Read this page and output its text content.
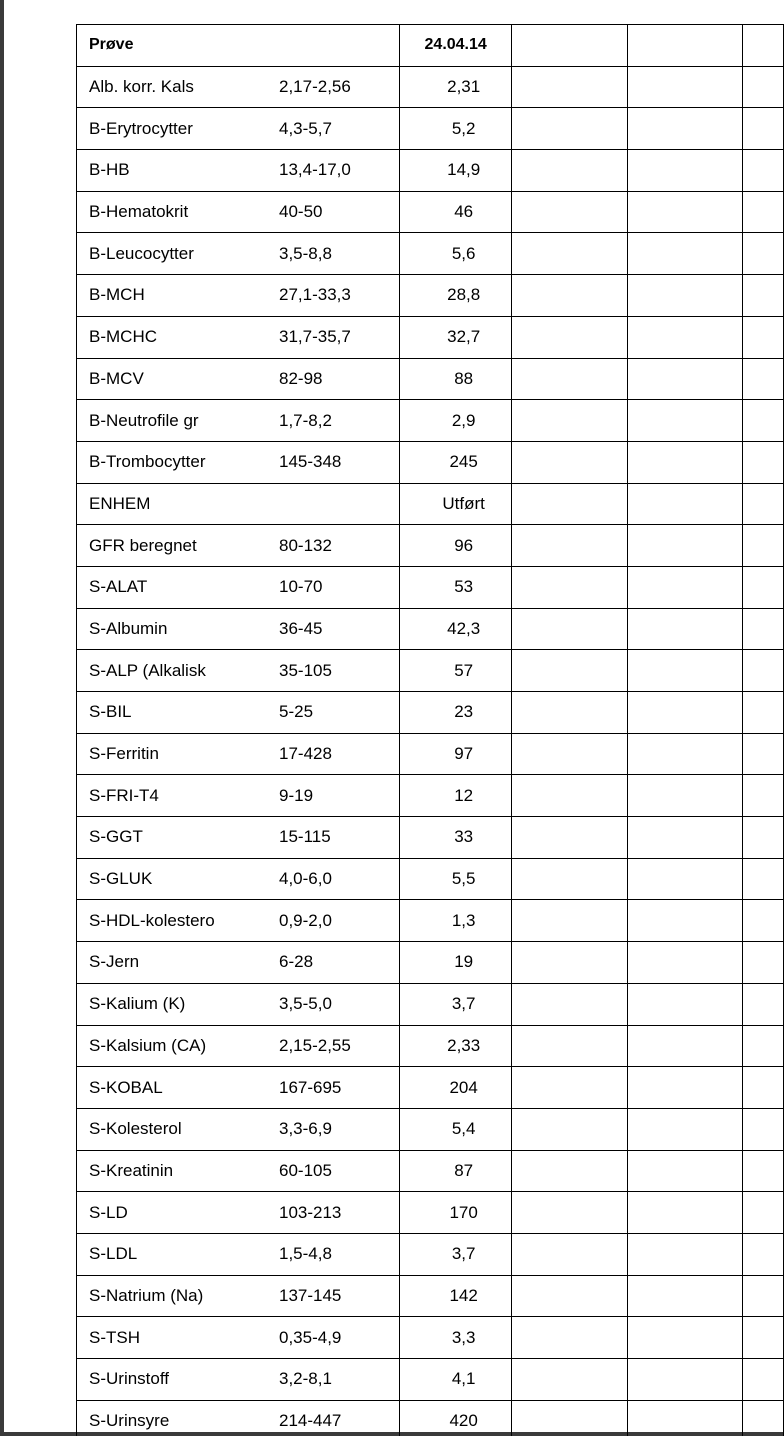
Prøve	24.04.14			

Alb. korr. Kals 2,17-2,56	2,31			

B-Erytrocytter 4,3-5,7	5,2			

B-HB 13,4-17,0	14,9			

B-Hematokrit 40-50	46			

B-Leucocytter 3,5-8,8	5,6			

B-MCH 27,1-33,3	28,8			

B-MCHC 31,7-35,7	32,7			

B-MCV 82-98	88			

B-Neutrofile gr 1,7-8,2	2,9			

B-Trombocytter 145-348	245			

ENHEM	Utført			

GFR beregnet 80-132	96			

S-ALAT 10-70	53			

S-Albumin 36-45	42,3			

S-ALP (Alkalisk 35-105	57			

S-BIL 5-25	23			

S-Ferritin 17-428	97			

S-FRI-T4 9-19	12			

S-GGT 15-115	33			

S-GLUK 4,0-6,0	5,5			

S-HDL-kolestero 0,9-2,0	1,3			

S-Jern 6-28	19			

S-Kalium (K) 3,5-5,0	3,7			

S-Kalsium (CA) 2,15-2,55	2,33			

S-KOBAL 167-695	204			

S-Kolesterol 3,3-6,9	5,4			

S-Kreatinin 60-105	87			

S-LD 103-213	170			

S-LDL 1,5-4,8	3,7			

S-Natrium (Na) 137-145	142			

S-TSH 0,35-4,9	3,3			

S-Urinstoff 3,2-8,1	4,1			

S-Urinsyre 214-447	420			
